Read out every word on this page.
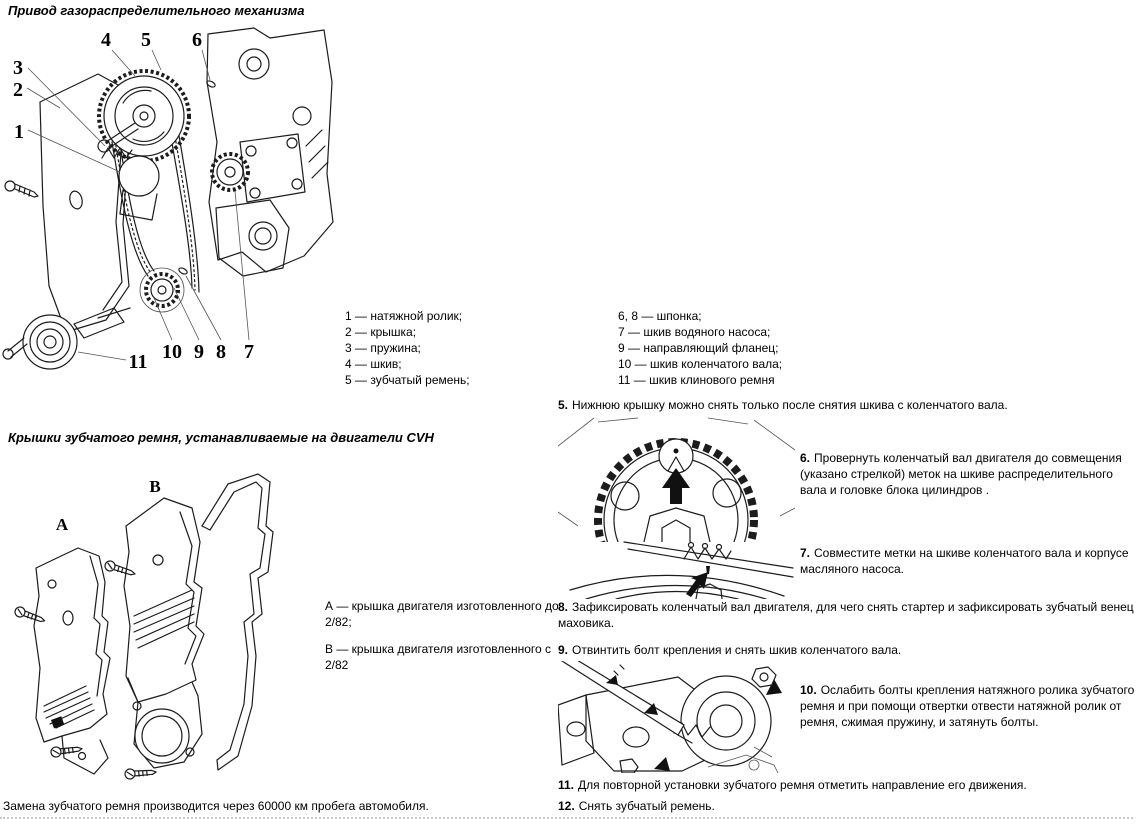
Привод газораспределительного механизма
1
2
3
4 5 6
7
8
9
10
11
1 — натяжной ролик;
2 — крышка;
3 — пружина;
4 — шкив;
5 — зубчатый ремень;
6, 8 — шпонка;
7 — шкив водяного насоса;
9 — направляющий фланец;
10 — шкив коленчатого вала;
11 — шкив клинового ремня

5. Нижнюю крышку можно снять только после снятия шкива с коленчатого вала.

Крышки зубчатого ремня, устанавливаемые на двигатели CVH
А
В

А — крышка двигателя изготовленного до 2/82;

В — крышка двигателя изготовленного с 2/82

6. Провернуть коленчатый вал двигателя до совмещения (указано стрелкой) меток на шкиве распределительного вала и головке блока цилиндров .

7. Совместите метки на шкиве коленчатого вала и корпусе масляного насоса.

8. Зафиксировать коленчатый вал двигателя, для чего снять стартер и зафиксировать зубчатый венец маховика.

9. Отвинтить болт крепления и снять шкив коленчатого вала.

10. Ослабить болты крепления натяжного ролика зубчатого ремня и при помощи отвертки отвести натяжной ролик от ремня, сжимая пружину, и затянуть болты.

11. Для повторной установки зубчатого ремня отметить направление его движения.

12. Снять зубчатый ремень.

Замена зубчатого ремня производится через 60000 км пробега автомобиля.
